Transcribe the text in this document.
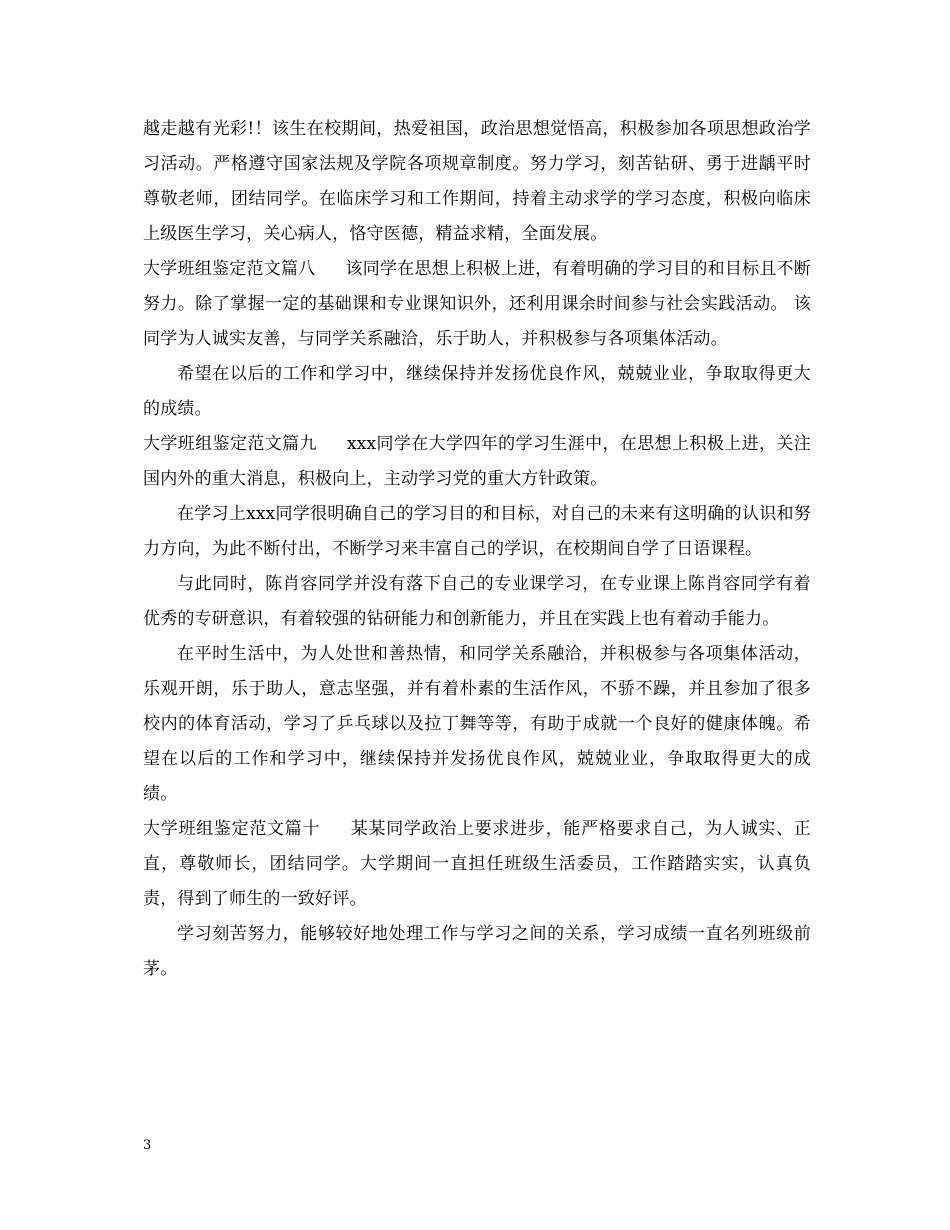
越走越有光彩!！该生在校期间，热爱祖国，政治思想觉悟高，积极参加各项思想政治学习活动。严格遵守国家法规及学院各项规章制度。努力学习，刻苦钻研、勇于进龋平时尊敬老师，团结同学。在临床学习和工作期间，持着主动求学的学习态度，积极向临床上级医生学习，关心病人，恪守医德，精益求精，全面发展。

大学班组鉴定范文篇八 该同学在思想上积极上进，有着明确的学习目的和目标且不断努力。除了掌握一定的基础课和专业课知识外，还利用课余时间参与社会实践活动。 该同学为人诚实友善，与同学关系融洽，乐于助人，并积极参与各项集体活动。

希望在以后的工作和学习中，继续保持并发扬优良作风，兢兢业业，争取取得更大的成绩。

大学班组鉴定范文篇九 xxx同学在大学四年的学习生涯中，在思想上积极上进，关注国内外的重大消息，积极向上，主动学习党的重大方针政策。

在学习上xxx同学很明确自己的学习目的和目标，对自己的未来有这明确的认识和努力方向，为此不断付出，不断学习来丰富自己的学识，在校期间自学了日语课程。

与此同时，陈肖容同学并没有落下自己的专业课学习，在专业课上陈肖容同学有着优秀的专研意识，有着较强的钻研能力和创新能力，并且在实践上也有着动手能力。

在平时生活中，为人处世和善热情，和同学关系融洽，并积极参与各项集体活动，乐观开朗，乐于助人，意志坚强，并有着朴素的生活作风，不骄不躁，并且参加了很多校内的体育活动，学习了乒乓球以及拉丁舞等等，有助于成就一个良好的健康体魄。希望在以后的工作和学习中，继续保持并发扬优良作风，兢兢业业，争取取得更大的成绩。

大学班组鉴定范文篇十 某某同学政治上要求进步，能严格要求自己，为人诚实、正直，尊敬师长，团结同学。大学期间一直担任班级生活委员，工作踏踏实实，认真负责，得到了师生的一致好评。

学习刻苦努力，能够较好地处理工作与学习之间的关系，学习成绩一直名列班级前茅。

3
